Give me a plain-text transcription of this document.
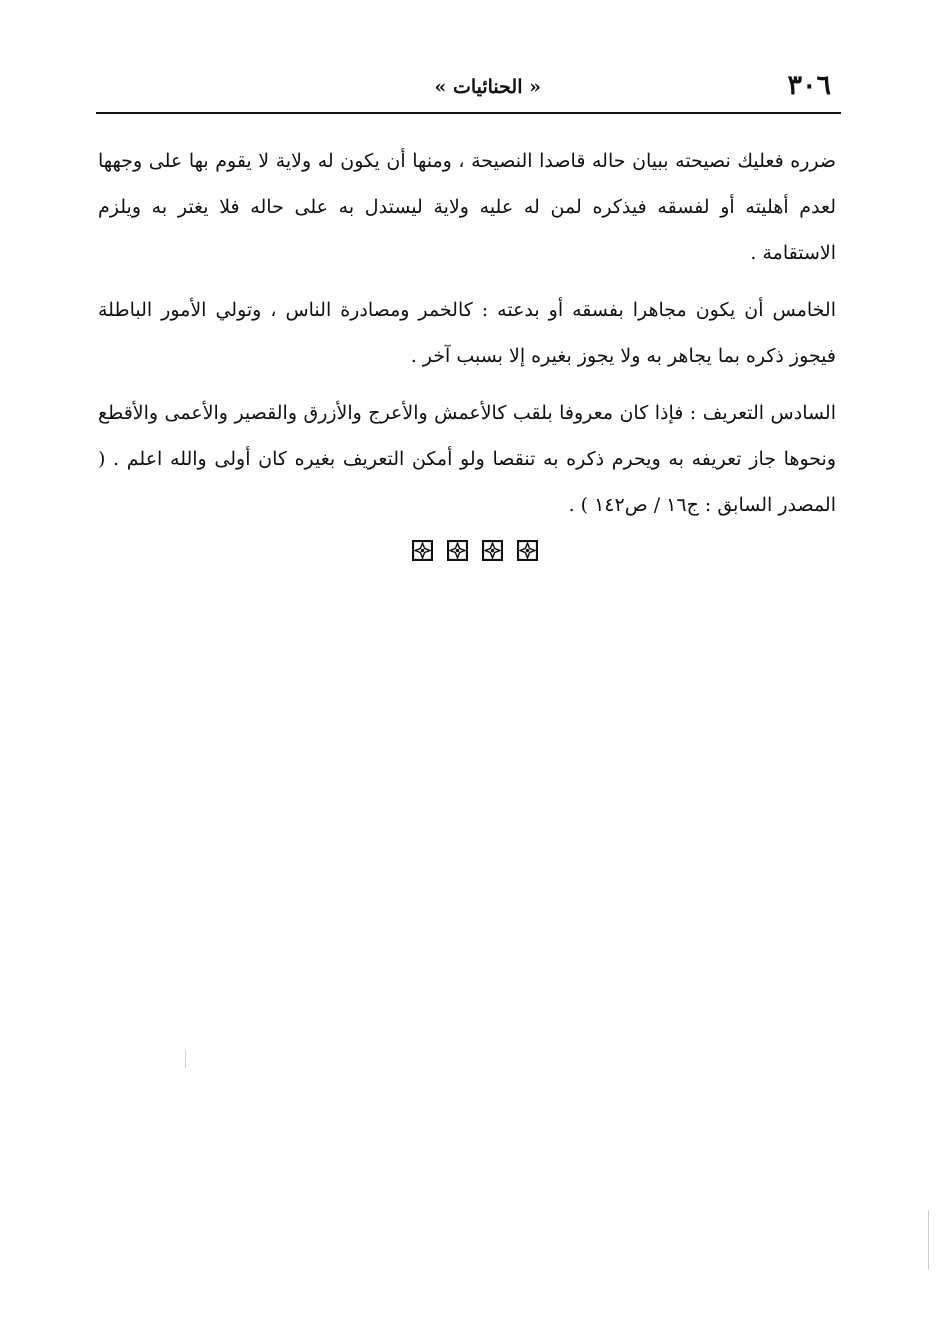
٣٠٦
« الحنائيات »

ضرره فعليك نصيحته ببيان حاله قاصدا النصيحة ، ومنها أن يكون له ولاية لا يقوم بها على وجهها لعدم أهليته أو لفسقه فيذكره لمن له عليه ولاية ليستدل به على حاله فلا يغتر به ويلزم الاستقامة .

الخامس أن يكون مجاهرا بفسقه أو بدعته : كالخمر ومصادرة الناس ، وتولي الأمور الباطلة فيجوز ذكره بما يجاهر به ولا يجوز بغيره إلا بسبب آخر .

السادس التعريف : فإذا كان معروفا بلقب كالأعمش والأعرج والأزرق والقصير والأعمى والأقطع ونحوها جاز تعريفه به ويحرم ذكره به تنقصا ولو أمكن التعريف بغيره كان أولى والله اعلم . ( المصدر السابق : ج١٦ / ص١٤٢ ) .
